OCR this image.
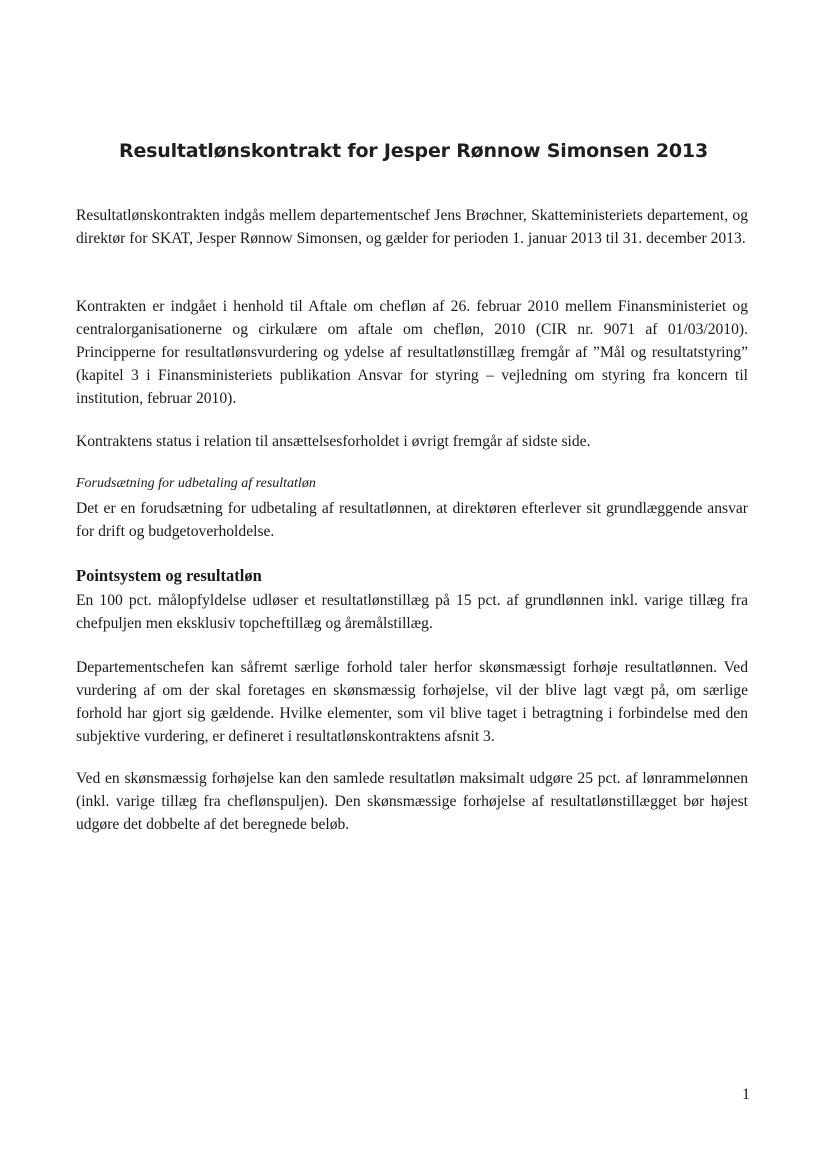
Resultatlønskontrakt for Jesper Rønnow Simonsen 2013

Resultatlønskontrakten indgås mellem departementschef Jens Brøchner, Skatteministeriets departement, og direktør for SKAT, Jesper Rønnow Simonsen, og gælder for perioden 1. januar 2013 til 31. december 2013.

Kontrakten er indgået i henhold til Aftale om chefløn af 26. februar 2010 mellem Finansministeriet og centralorganisationerne og cirkulære om aftale om chefløn, 2010 (CIR nr. 9071 af 01/03/2010). Principperne for resultatlønsvurdering og ydelse af resultatlønstillæg fremgår af ”Mål og resultatstyring” (kapitel 3 i Finansministeriets publikation Ansvar for styring – vejledning om styring fra koncern til institution, februar 2010).

Kontraktens status i relation til ansættelsesforholdet i øvrigt fremgår af sidste side.

Forudsætning for udbetaling af resultatløn

Det er en forudsætning for udbetaling af resultatlønnen, at direktøren efterlever sit grundlæggende ansvar for drift og budgetoverholdelse.

Pointsystem og resultatløn

En 100 pct. målopfyldelse udløser et resultatlønstillæg på 15 pct. af grundlønnen inkl. varige tillæg fra chefpuljen men eksklusiv topcheftillæg og åremålstillæg.

Departementschefen kan såfremt særlige forhold taler herfor skønsmæssigt forhøje resultatlønnen. Ved vurdering af om der skal foretages en skønsmæssig forhøjelse, vil der blive lagt vægt på, om særlige forhold har gjort sig gældende. Hvilke elementer, som vil blive taget i betragtning i forbindelse med den subjektive vurdering, er defineret i resultatlønskontraktens afsnit 3.

Ved en skønsmæssig forhøjelse kan den samlede resultatløn maksimalt udgøre 25 pct. af lønrammelønnen (inkl. varige tillæg fra cheflønspuljen). Den skønsmæssige forhøjelse af resultatlønstillægget bør højest udgøre det dobbelte af det beregnede beløb.

1
